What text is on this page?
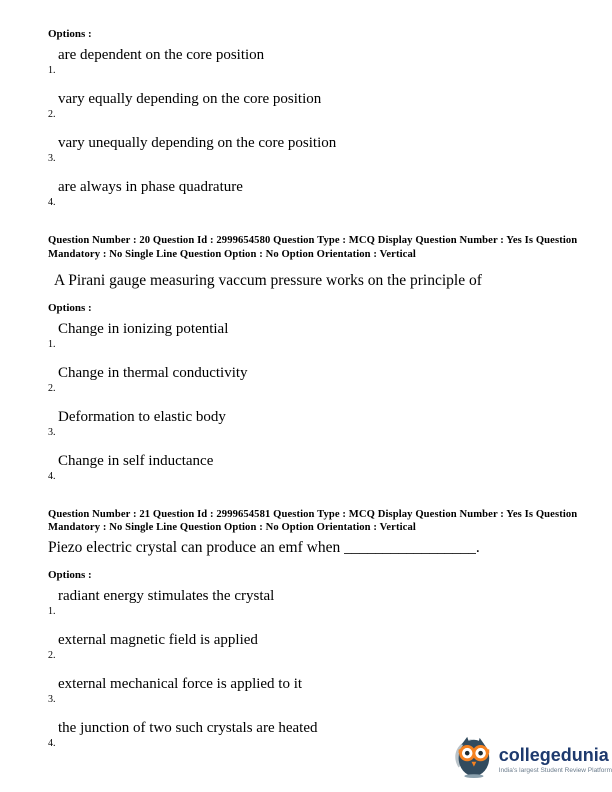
Options :
are dependent on the core position
1.
vary equally depending on the core position
2.
vary unequally depending on the core position
3.
are always in phase quadrature
4.

Question Number : 20 Question Id : 2999654580 Question Type : MCQ Display Question Number : Yes Is Question Mandatory : No Single Line Question Option : No Option Orientation : Vertical

A Pirani gauge measuring vaccum pressure works on the principle of

Options :
Change in ionizing potential
1.
Change in thermal conductivity
2.
Deformation to elastic body
3.
Change in self inductance
4.

Question Number : 21 Question Id : 2999654581 Question Type : MCQ Display Question Number : Yes Is Question Mandatory : No Single Line Question Option : No Option Orientation : Vertical

Piezo electric crystal can produce an emf when _________________.

Options :
radiant energy stimulates the crystal
1.
external magnetic field is applied
2.
external mechanical force is applied to it
3.
the junction of two such crystals are heated
4.
collegedunia
India's largest Student Review Platform
